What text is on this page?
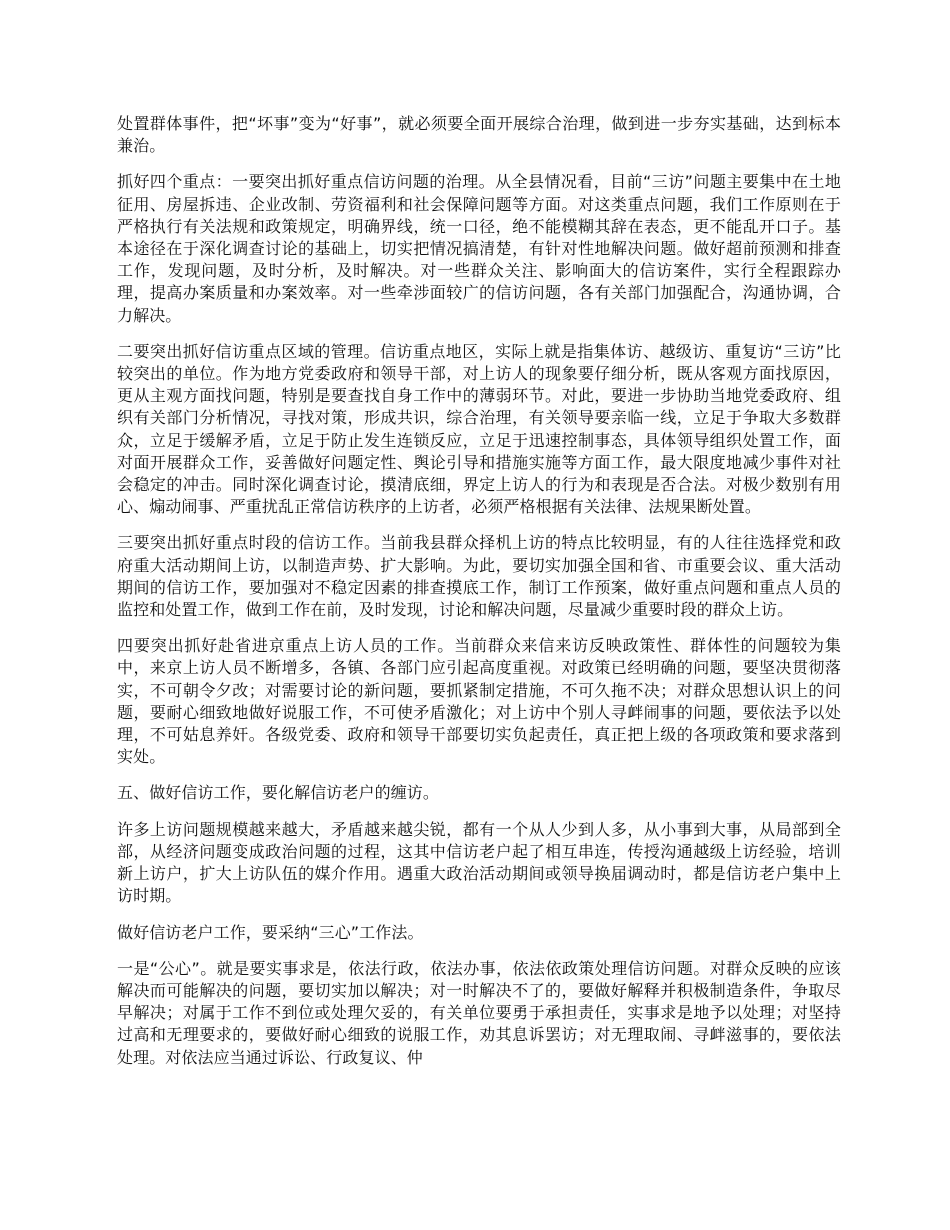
处置群体事件，把“坏事”变为“好事”，就必须要全面开展综合治理，做到进一步夯实基础，达到标本兼治。

抓好四个重点：一要突出抓好重点信访问题的治理。从全县情况看，目前“三访”问题主要集中在土地征用、房屋拆违、企业改制、劳资福利和社会保障问题等方面。对这类重点问题，我们工作原则在于严格执行有关法规和政策规定，明确界线，统一口径，绝不能模糊其辞在表态，更不能乱开口子。基本途径在于深化调查讨论的基础上，切实把情况搞清楚，有针对性地解决问题。做好超前预测和排查工作，发现问题，及时分析，及时解决。对一些群众关注、影响面大的信访案件，实行全程跟踪办理，提高办案质量和办案效率。对一些牵涉面较广的信访问题，各有关部门加强配合，沟通协调，合力解决。

二要突出抓好信访重点区域的管理。信访重点地区，实际上就是指集体访、越级访、重复访“三访”比较突出的单位。作为地方党委政府和领导干部，对上访人的现象要仔细分析，既从客观方面找原因，更从主观方面找问题，特别是要查找自身工作中的薄弱环节。对此，要进一步协助当地党委政府、组织有关部门分析情况，寻找对策，形成共识，综合治理，有关领导要亲临一线，立足于争取大多数群众，立足于缓解矛盾，立足于防止发生连锁反应，立足于迅速控制事态，具体领导组织处置工作，面对面开展群众工作，妥善做好问题定性、舆论引导和措施实施等方面工作，最大限度地减少事件对社会稳定的冲击。同时深化调查讨论，摸清底细，界定上访人的行为和表现是否合法。对极少数别有用心、煽动闹事、严重扰乱正常信访秩序的上访者，必须严格根据有关法律、法规果断处置。

三要突出抓好重点时段的信访工作。当前我县群众择机上访的特点比较明显，有的人往往选择党和政府重大活动期间上访，以制造声势、扩大影响。为此，要切实加强全国和省、市重要会议、重大活动期间的信访工作，要加强对不稳定因素的排查摸底工作，制订工作预案，做好重点问题和重点人员的监控和处置工作，做到工作在前，及时发现，讨论和解决问题，尽量减少重要时段的群众上访。

四要突出抓好赴省进京重点上访人员的工作。当前群众来信来访反映政策性、群体性的问题较为集中，来京上访人员不断增多，各镇、各部门应引起高度重视。对政策已经明确的问题，要坚决贯彻落实，不可朝令夕改；对需要讨论的新问题，要抓紧制定措施，不可久拖不决；对群众思想认识上的问题，要耐心细致地做好说服工作，不可使矛盾激化；对上访中个别人寻衅闹事的问题，要依法予以处理，不可姑息养奸。各级党委、政府和领导干部要切实负起责任，真正把上级的各项政策和要求落到实处。

五、做好信访工作，要化解信访老户的缠访。

许多上访问题规模越来越大，矛盾越来越尖锐，都有一个从人少到人多，从小事到大事，从局部到全部，从经济问题变成政治问题的过程，这其中信访老户起了相互串连，传授沟通越级上访经验，培训新上访户，扩大上访队伍的媒介作用。遇重大政治活动期间或领导换届调动时，都是信访老户集中上访时期。

做好信访老户工作，要采纳“三心”工作法。

一是“公心”。就是要实事求是，依法行政，依法办事，依法依政策处理信访问题。对群众反映的应该解决而可能解决的问题，要切实加以解决；对一时解决不了的，要做好解释并积极制造条件，争取尽早解决；对属于工作不到位或处理欠妥的，有关单位要勇于承担责任，实事求是地予以处理；对坚持过高和无理要求的，要做好耐心细致的说服工作，劝其息诉罢访；对无理取闹、寻衅滋事的，要依法处理。对依法应当通过诉讼、行政复议、仲
